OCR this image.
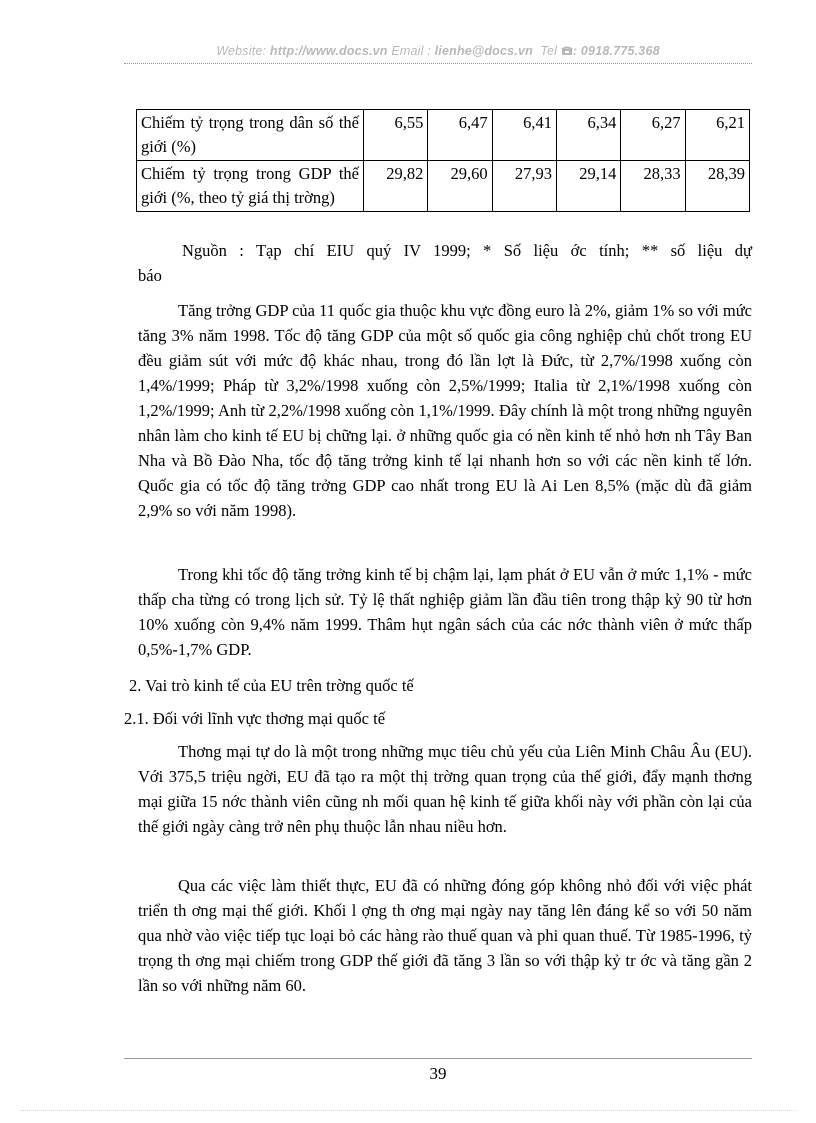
Website: http://www.docs.vn Email : lienhe@docs.vn Tel : 0918.775.368
Chiếm tỷ trọng trong dân số thế giới (%)	6,55	6,47	6,41	6,34	6,27	6,21
Chiếm tỷ trọng trong GDP thế giới (%, theo tỷ giá thị trờng)	29,82	29,60	27,93	29,14	28,33	28,39
Nguồn : Tạp chí EIU quý IV 1999; * Số liệu ớc tính; ** số liệu dự
báo

Tăng trởng GDP của 11 quốc gia thuộc khu vực đồng euro là 2%, giảm 1% so với mức tăng 3% năm 1998. Tốc độ tăng GDP của một số quốc gia công nghiệp chủ chốt trong EU đều giảm sút với mức độ khác nhau, trong đó lần lợt là Đức, từ 2,7%/1998 xuống còn 1,4%/1999; Pháp từ 3,2%/1998 xuống còn 2,5%/1999; Italia từ 2,1%/1998 xuống còn 1,2%/1999; Anh từ 2,2%/1998 xuống còn 1,1%/1999. Đây chính là một trong những nguyên nhân làm cho kinh tế EU bị chững lại. ở những quốc gia có nền kinh tế nhỏ hơn nh Tây Ban Nha và Bồ Đào Nha, tốc độ tăng trởng kinh tế lại nhanh hơn so với các nền kinh tế lớn. Quốc gia có tốc độ tăng trởng GDP cao nhất trong EU là Ai Len 8,5% (mặc dù đã giảm 2,9% so với năm 1998).

Trong khi tốc độ tăng trởng kinh tế bị chậm lại, lạm phát ở EU vẫn ở mức 1,1% - mức thấp cha từng có trong lịch sử. Tỷ lệ thất nghiệp giảm lần đầu tiên trong thập kỷ 90 từ hơn 10% xuống còn 9,4% năm 1999. Thâm hụt ngân sách của các nớc thành viên ở mức thấp 0,5%-1,7% GDP.

2. Vai trò kinh tế của EU trên trờng quốc tế

2.1. Đối với lĩnh vực thơng mại quốc tế

Thơng mại tự do là một trong những mục tiêu chủ yếu của Liên Minh Châu Âu (EU). Với 375,5 triệu ngời, EU đã tạo ra một thị trờng quan trọng của thế giới, đẩy mạnh thơng mại giữa 15 nớc thành viên cũng nh mối quan hệ kinh tế giữa khối này với phần còn lại của thế giới ngày càng trở nên phụ thuộc lẫn nhau niều hơn.

Qua các việc làm thiết thực, EU đã có những đóng góp không nhỏ đối với việc phát triển th ơng mại thế giới. Khối l ợng th ơng mại ngày nay tăng lên đáng kể so với 50 năm qua nhờ vào việc tiếp tục loại bỏ các hàng rào thuế quan và phi quan thuế. Từ 1985-1996, tỷ trọng th ơng mại chiếm trong GDP thế giới đã tăng 3 lần so với thập kỷ tr ớc và tăng gần 2 lần so với những năm 60.

39
